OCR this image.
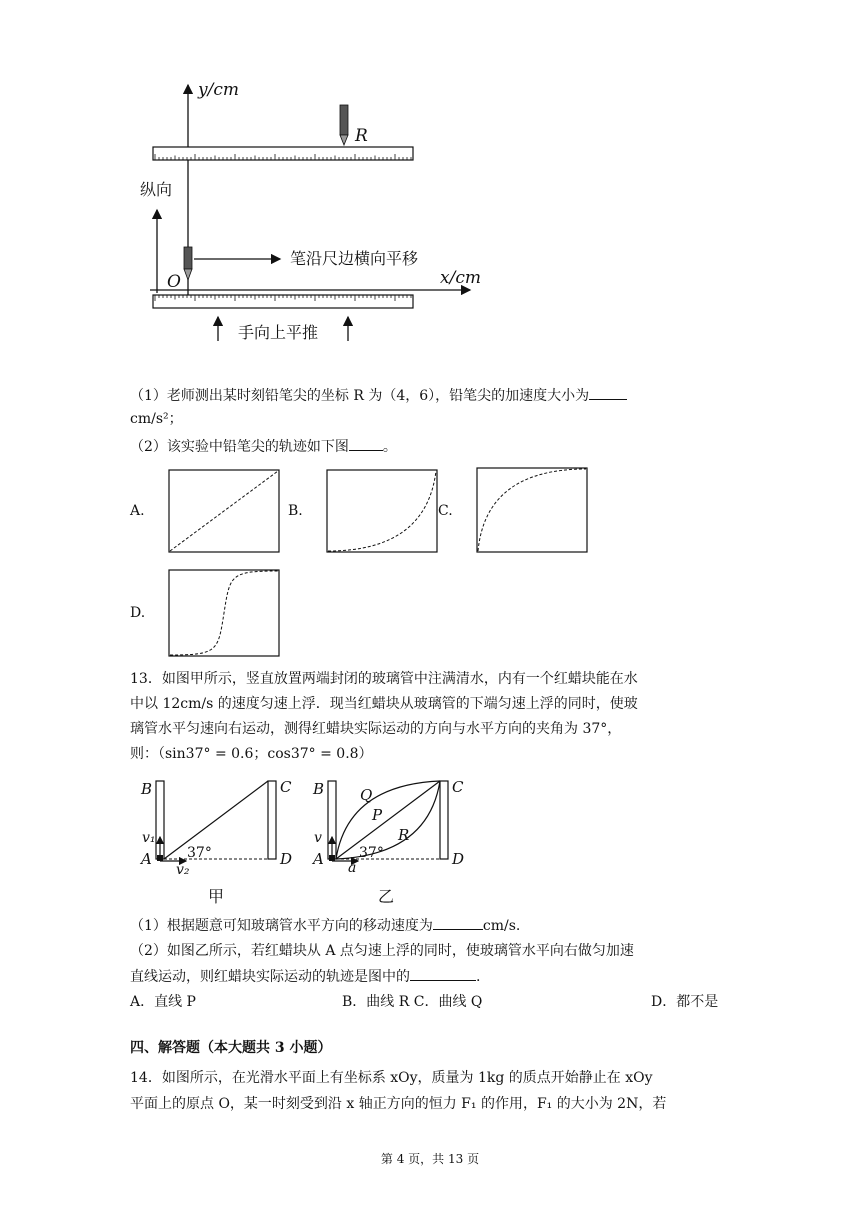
y/cm
x/cm
O
R
纵向
笔沿尺边横向平移
手向上平推
（1）老师测出某时刻铅笔尖的坐标 R 为（4，6），铅笔尖的加速度大小为
cm/s²；
（2）该实验中铅笔尖的轨迹如下图 。
A.	B.	C.
D.
13．如图甲所示，竖直放置两端封闭的玻璃管中注满清水，内有一个红蜡块能在水
中以 12cm/s 的速度匀速上浮．现当红蜡块从玻璃管的下端匀速上浮的同时，使玻
璃管水平匀速向右运动，测得红蜡块实际运动的方向与水平方向的夹角为 37°，
则：（sin37° = 0.6；cos37° = 0.8）
B	C
v₁
A	37°	D
v₂
甲
B Q	C
P
R
v
A	37°	D
a
乙
（1）根据题意可知玻璃管水平方向的移动速度为	cm/s.
（2）如图乙所示，若红蜡块从 A 点匀速上浮的同时，使玻璃管水平向右做匀加速
直线运动，则红蜡块实际运动的轨迹是图中的	.
A．直线 P	B．曲线 R C．曲线 Q	D．都不是
四、解答题（本大题共 3 小题）
14．如图所示，在光滑水平面上有坐标系 xOy，质量为 1kg 的质点开始静止在 xOy
平面上的原点 O，某一时刻受到沿 x 轴正方向的恒力 F₁ 的作用，F₁ 的大小为 2N，若
第 4 页，共 13 页
